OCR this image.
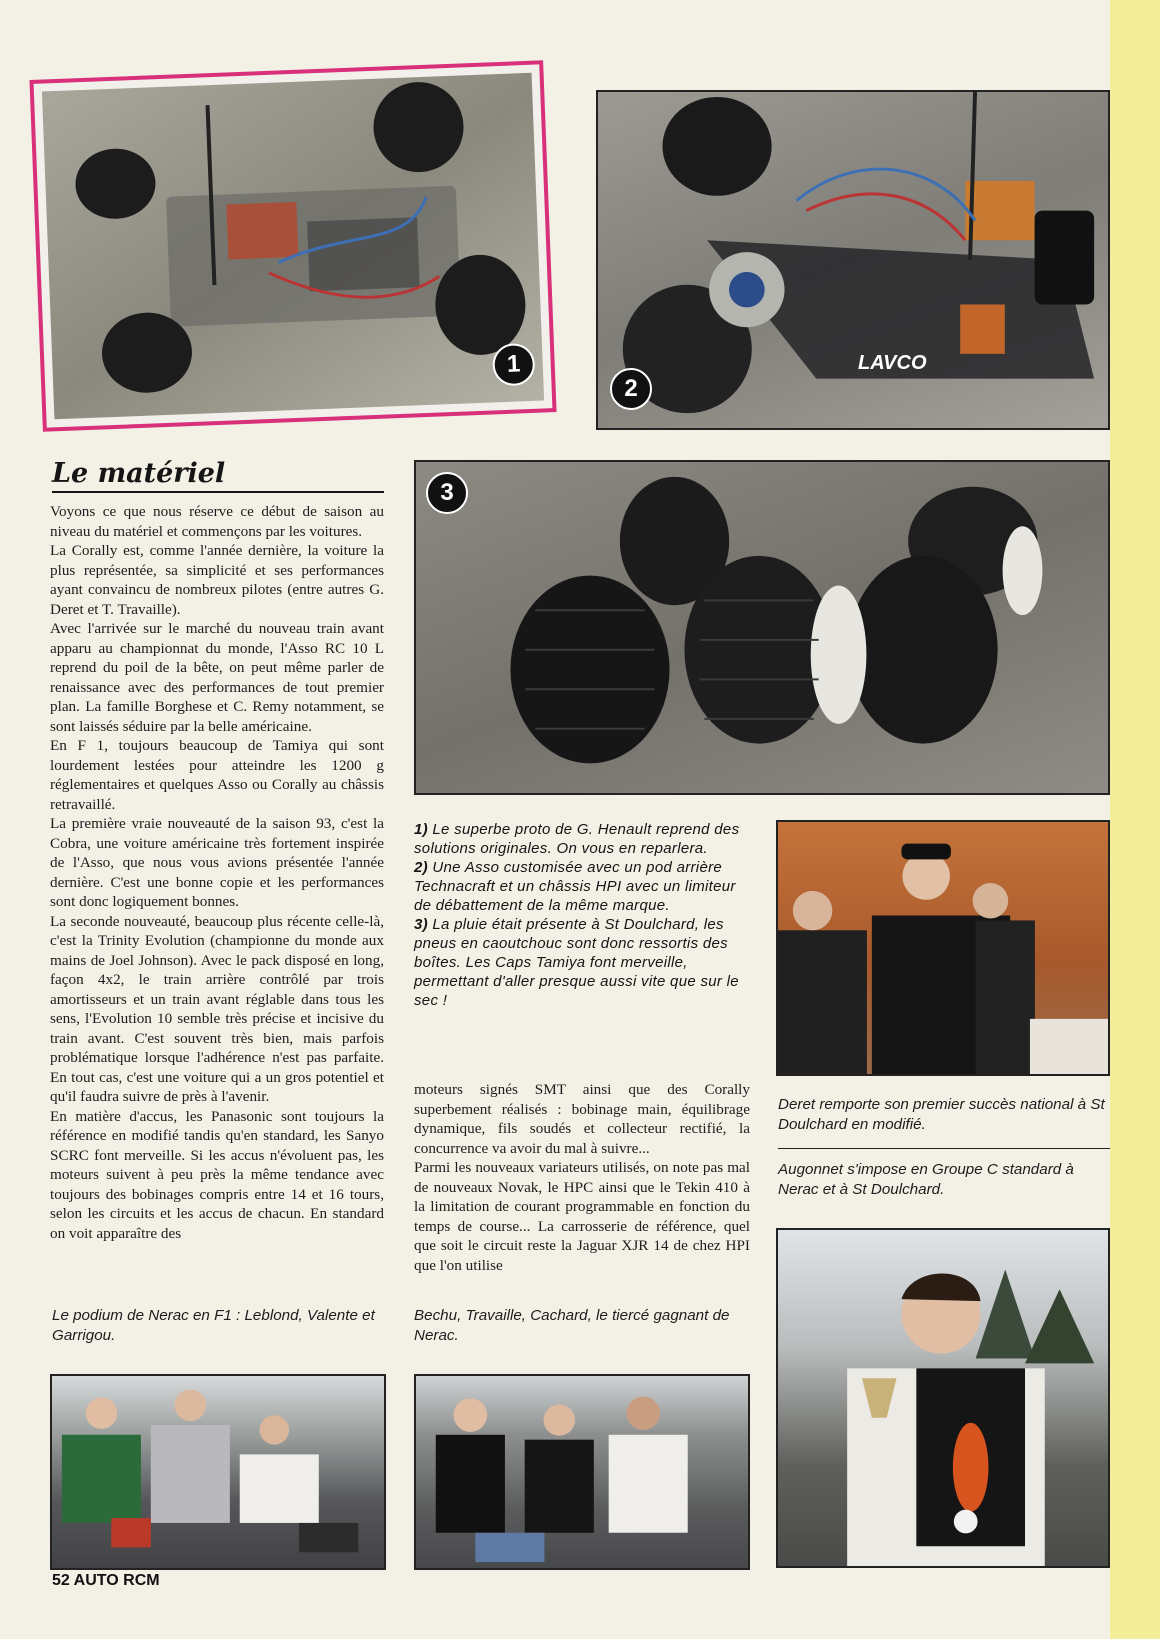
1	LAVCO
2
Le matériel

Voyons ce que nous réserve ce début de saison au niveau du matériel et commençons par les voitures.

La Corally est, comme l'année dernière, la voiture la plus représentée, sa simplicité et ses performances ayant convaincu de nombreux pilotes (entre autres G. Deret et T. Travaille).

Avec l'arrivée sur le marché du nouveau train avant apparu au championnat du monde, l'Asso RC 10 L reprend du poil de la bête, on peut même parler de renaissance avec des performances de tout premier plan. La famille Borghese et C. Remy notamment, se sont laissés séduire par la belle américaine.

En F 1, toujours beaucoup de Tamiya qui sont lourdement lestées pour atteindre les 1200 g réglementaires et quelques Asso ou Corally au châssis retravaillé.

La première vraie nouveauté de la saison 93, c'est la Cobra, une voiture américaine très fortement inspirée de l'Asso, que nous vous avions présentée l'année dernière. C'est une bonne copie et les performances sont donc logiquement bonnes.

La seconde nouveauté, beaucoup plus récente celle-là, c'est la Trinity Evolution (championne du monde aux mains de Joel Johnson). Avec le pack disposé en long, façon 4x2, le train arrière contrôlé par trois amortisseurs et un train avant réglable dans tous les sens, l'Evolution 10 semble très précise et incisive du train avant. C'est souvent très bien, mais parfois problématique lorsque l'adhérence n'est pas parfaite. En tout cas, c'est une voiture qui a un gros potentiel et qu'il faudra suivre de près à l'avenir.

En matière d'accus, les Panasonic sont toujours la référence en modifié tandis qu'en standard, les Sanyo SCRC font merveille. Si les accus n'évoluent pas, les moteurs suivent à peu près la même tendance avec toujours des bobinages compris entre 14 et 16 tours, selon les circuits et les accus de chacun. En standard on voit apparaître des

3

1) Le superbe proto de G. Henault reprend des solutions originales. On vous en reparlera.

2) Une Asso customisée avec un pod arrière Technacraft et un châssis HPI avec un limiteur de débattement de la même marque.

3) La pluie était présente à St Doulchard, les pneus en caoutchouc sont donc ressortis des boîtes. Les Caps Tamiya font merveille, permettant d'aller presque aussi vite que sur le sec !

Deret remporte son premier succès national à St Doulchard en modifié.
Augonnet s'impose en Groupe C standard à Nerac et à St Doulchard.

moteurs signés SMT ainsi que des Corally superbement réalisés : bobinage main, équilibrage dynamique, fils soudés et collecteur rectifié, la concurrence va avoir du mal à suivre...

Parmi les nouveaux variateurs utilisés, on note pas mal de nouveaux Novak, le HPC ainsi que le Tekin 410 à la limitation de courant programmable en fonction du temps de course... La carrosserie de référence, quel que soit le circuit reste la Jaguar XJR 14 de chez HPI que l'on utilise

Le podium de Nerac en F1 : Leblond, Valente et Garrigou.
Bechu, Travaille, Cachard, le tiercé gagnant de Nerac.
52 AUTO RCM
